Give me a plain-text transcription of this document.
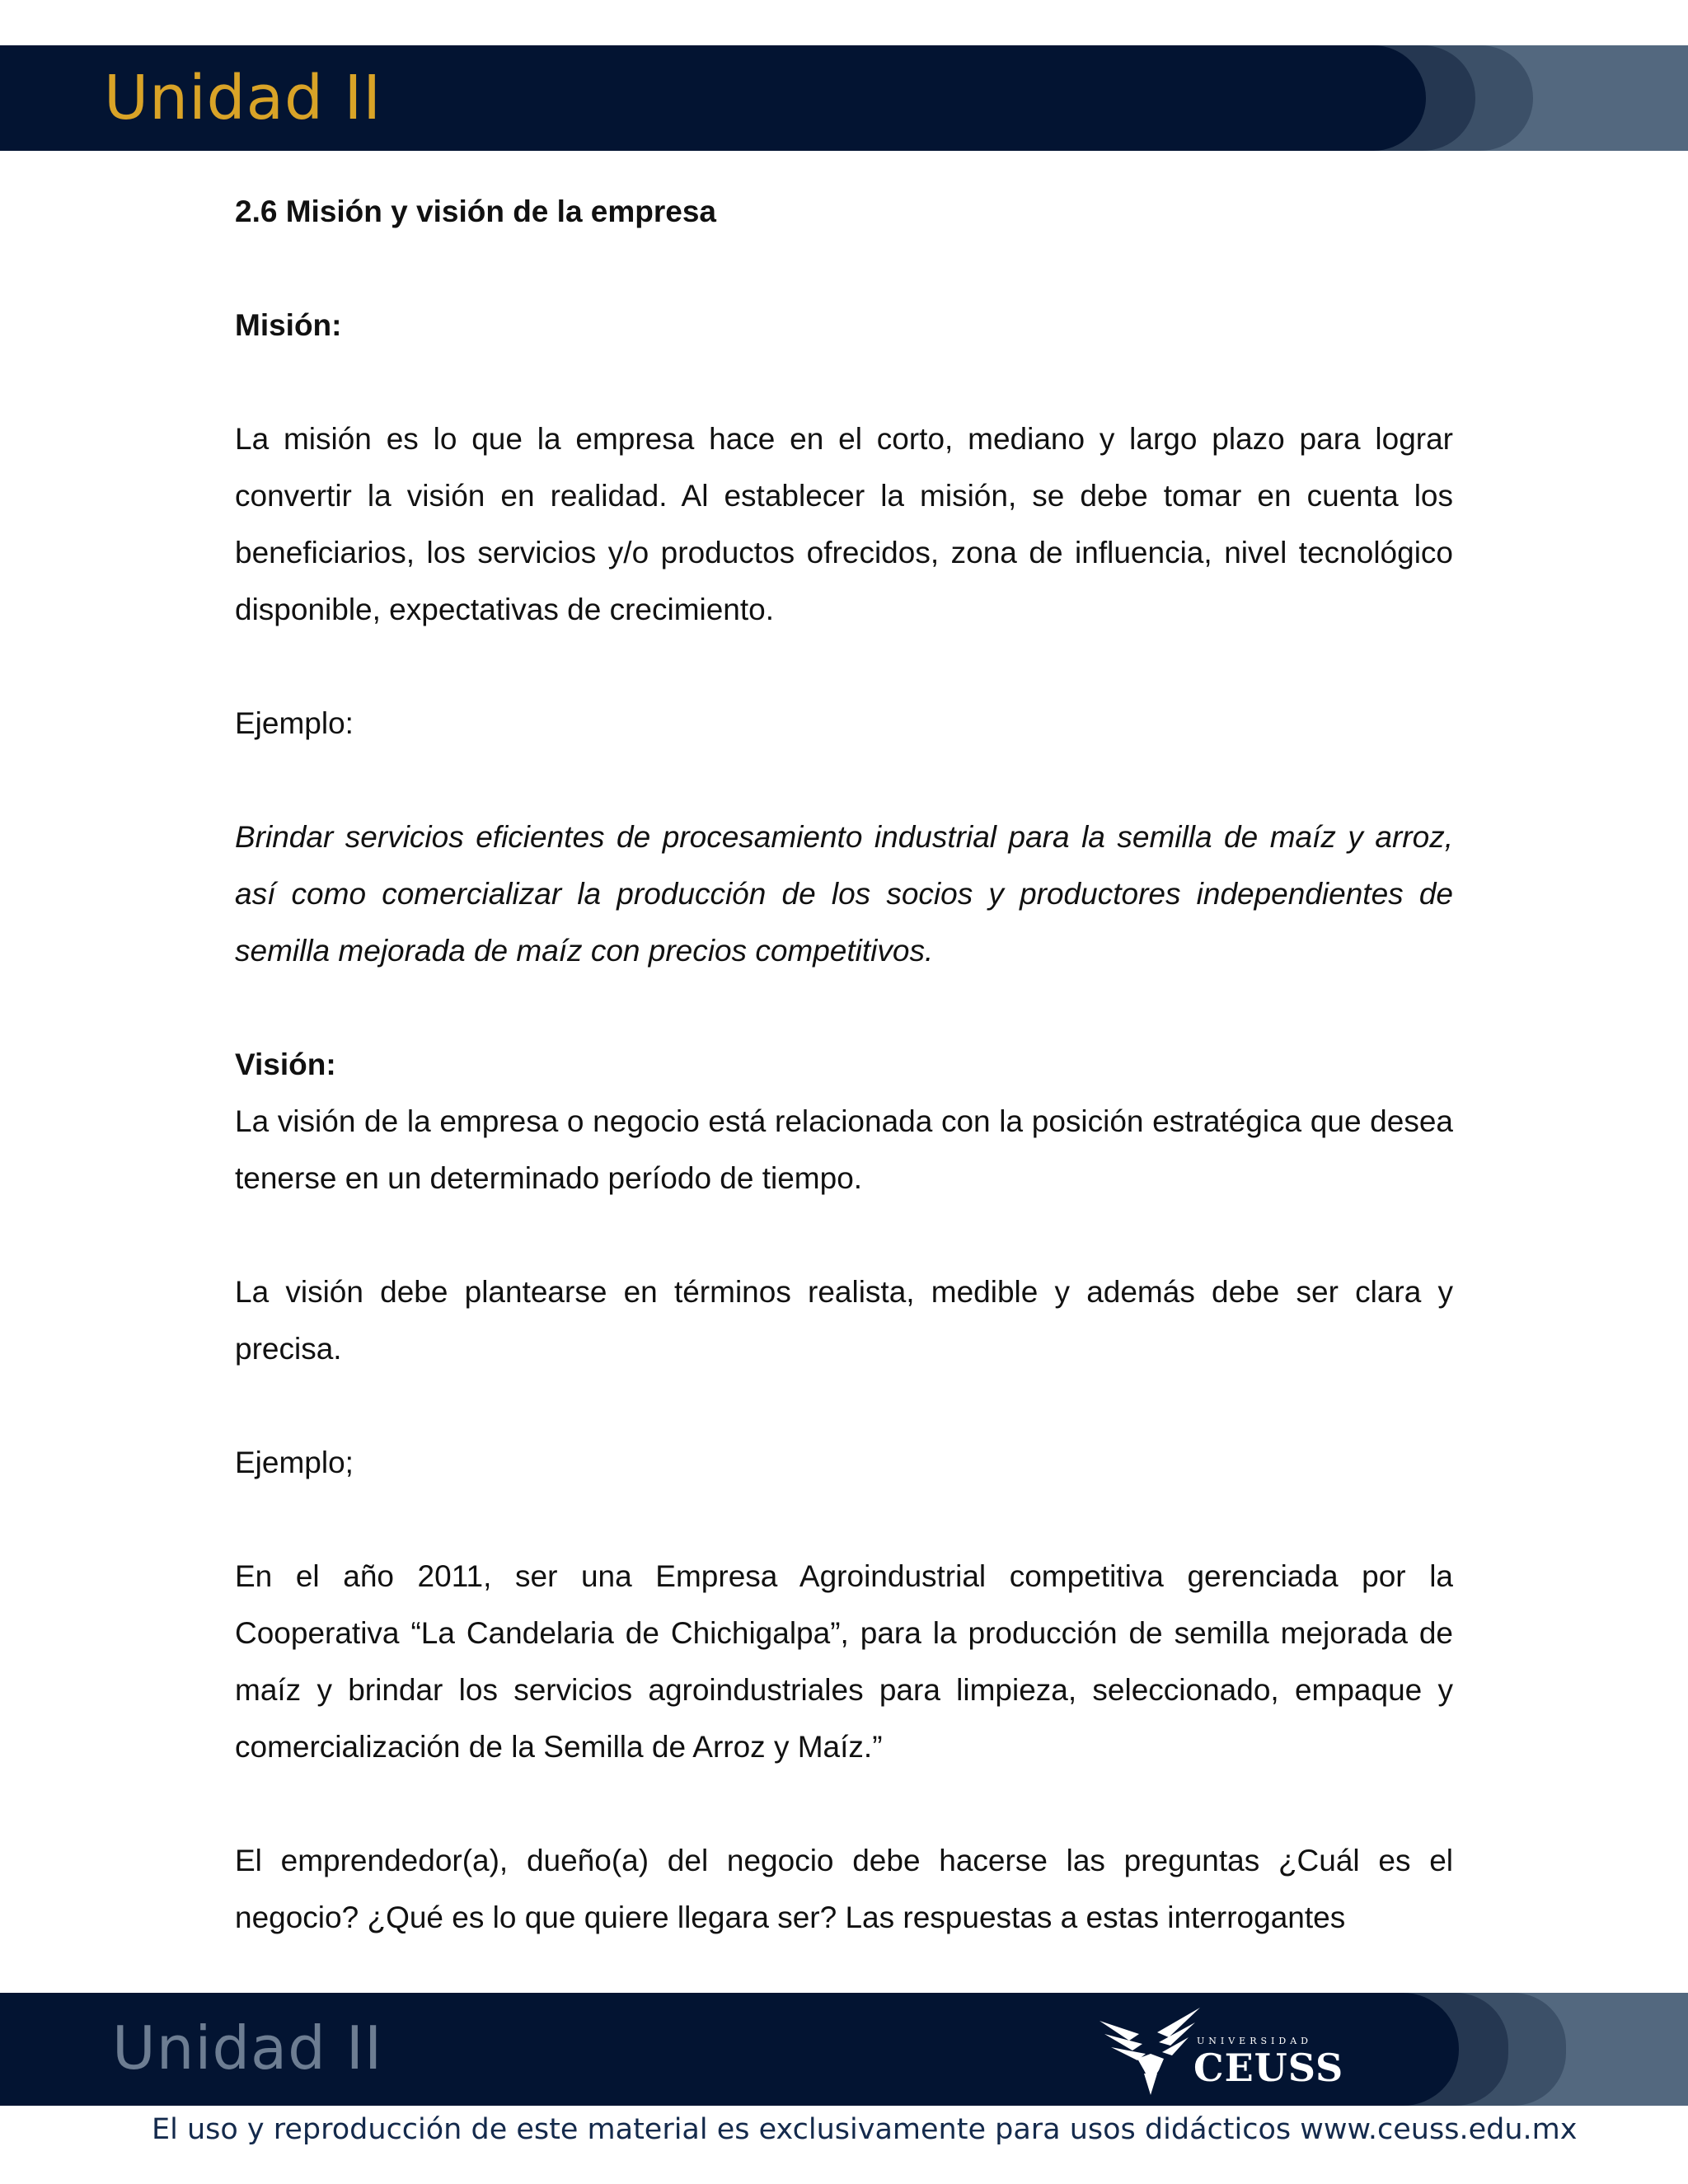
Unidad II

2.6 Misión y visión de la empresa

Misión:

La misión es lo que la empresa hace en el corto, mediano y largo plazo para lograr convertir la visión en realidad. Al establecer la misión, se debe tomar en cuenta los beneficiarios, los servicios y/o productos ofrecidos, zona de influencia, nivel tecnológico disponible, expectativas de crecimiento.

Ejemplo:

Brindar servicios eficientes de procesamiento industrial para la semilla de maíz y arroz, así como comercializar la producción de los socios y productores independientes de semilla mejorada de maíz con precios competitivos.

Visión:

La visión de la empresa o negocio está relacionada con la posición estratégica que desea tenerse en un determinado período de tiempo.

La visión debe plantearse en términos realista, medible y además debe ser clara y precisa.

Ejemplo;

En el año 2011, ser una Empresa Agroindustrial competitiva gerenciada por la Cooperativa “La Candelaria de Chichigalpa”, para la producción de semilla mejorada de maíz y brindar los servicios agroindustriales para limpieza, seleccionado, empaque y comercialización de la Semilla de Arroz y Maíz.”

El emprendedor(a), dueño(a) del negocio debe hacerse las preguntas ¿Cuál es el negocio? ¿Qué es lo que quiere llegara ser? Las respuestas a estas interrogantes

Unidad II	UNIVERSIDAD
CEUSS

El uso y reproducción de este material es exclusivamente para usos didácticos www.ceuss.edu.mx
